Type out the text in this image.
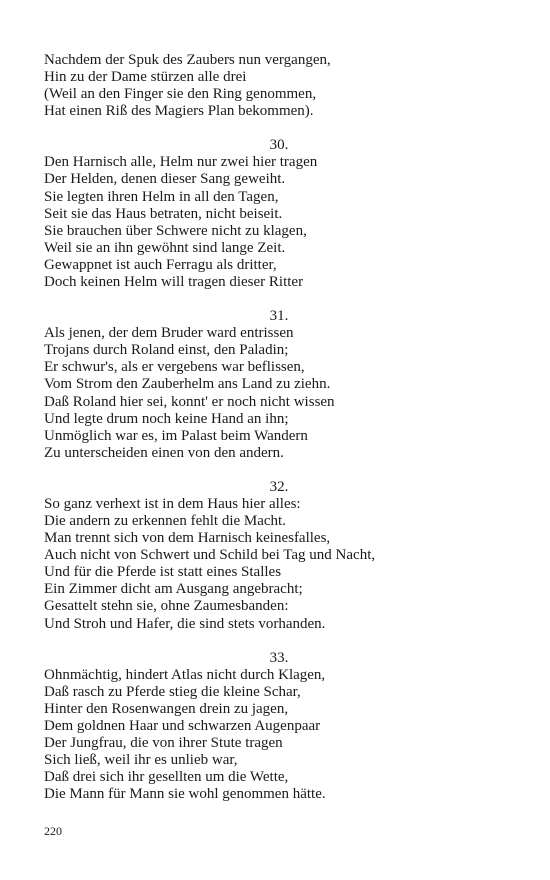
Nachdem der Spuk des Zaubers nun vergangen,
Hin zu der Dame stürzen alle drei
(Weil an den Finger sie den Ring genommen,
Hat einen Riß des Magiers Plan bekommen).
30.
Den Harnisch alle, Helm nur zwei hier tragen
Der Helden, denen dieser Sang geweiht.
Sie legten ihren Helm in all den Tagen,
Seit sie das Haus betraten, nicht beiseit.
Sie brauchen über Schwere nicht zu klagen,
Weil sie an ihn gewöhnt sind lange Zeit.
Gewappnet ist auch Ferragu als dritter,
Doch keinen Helm will tragen dieser Ritter
31.
Als jenen, der dem Bruder ward entrissen
Trojans durch Roland einst, den Paladin;
Er schwur's, als er vergebens war beflissen,
Vom Strom den Zauberhelm ans Land zu ziehn.
Daß Roland hier sei, konnt' er noch nicht wissen
Und legte drum noch keine Hand an ihn;
Unmöglich war es, im Palast beim Wandern
Zu unterscheiden einen von den andern.
32.
So ganz verhext ist in dem Haus hier alles:
Die andern zu erkennen fehlt die Macht.
Man trennt sich von dem Harnisch keinesfalles,
Auch nicht von Schwert und Schild bei Tag und Nacht,
Und für die Pferde ist statt eines Stalles
Ein Zimmer dicht am Ausgang angebracht;
Gesattelt stehn sie, ohne Zaumesbanden:
Und Stroh und Hafer, die sind stets vorhanden.
33.
Ohnmächtig, hindert Atlas nicht durch Klagen,
Daß rasch zu Pferde stieg die kleine Schar,
Hinter den Rosenwangen drein zu jagen,
Dem goldnen Haar und schwarzen Augenpaar
Der Jungfrau, die von ihrer Stute tragen
Sich ließ, weil ihr es unlieb war,
Daß drei sich ihr gesellten um die Wette,
Die Mann für Mann sie wohl genommen hätte.
220
